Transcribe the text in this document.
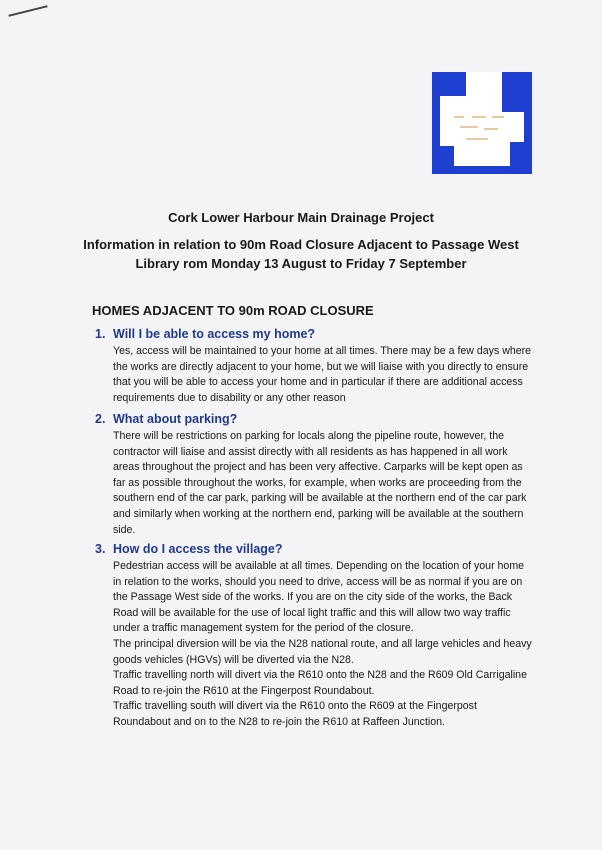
Cork Lower Harbour Main Drainage Project
Information in relation to 90m Road Closure Adjacent to Passage West
Library rom Monday 13 August to Friday 7 September
HOMES ADJACENT TO 90m ROAD CLOSURE
1. Will I be able to access my home?

Yes, access will be maintained to your home at all times. There may be a few days where the works are directly adjacent to your home, but we will liaise with you directly to ensure that you will be able to access your home and in particular if there are additional access requirements due to disability or any other reason

2. What about parking?

There will be restrictions on parking for locals along the pipeline route, however, the contractor will liaise and assist directly with all residents as has happened in all work areas throughout the project and has been very affective. Carparks will be kept open as far as possible throughout the works, for example, when works are proceeding from the southern end of the car park, parking will be available at the northern end of the car park and similarly when working at the northern end, parking will be available at the southern side.

3. How do I access the village?

Pedestrian access will be available at all times. Depending on the location of your home in relation to the works, should you need to drive, access will be as normal if you are on the Passage West side of the works. If you are on the city side of the works, the Back Road will be available for the use of local light traffic and this will allow two way traffic under a traffic management system for the period of the closure.

The principal diversion will be via the N28 national route, and all large vehicles and heavy goods vehicles (HGVs) will be diverted via the N28.

Traffic travelling north will divert via the R610 onto the N28 and the R609 Old Carrigaline Road to re-join the R610 at the Fingerpost Roundabout.

Traffic travelling south will divert via the R610 onto the R609 at the Fingerpost Roundabout and on to the N28 to re-join the R610 at Raffeen Junction.
